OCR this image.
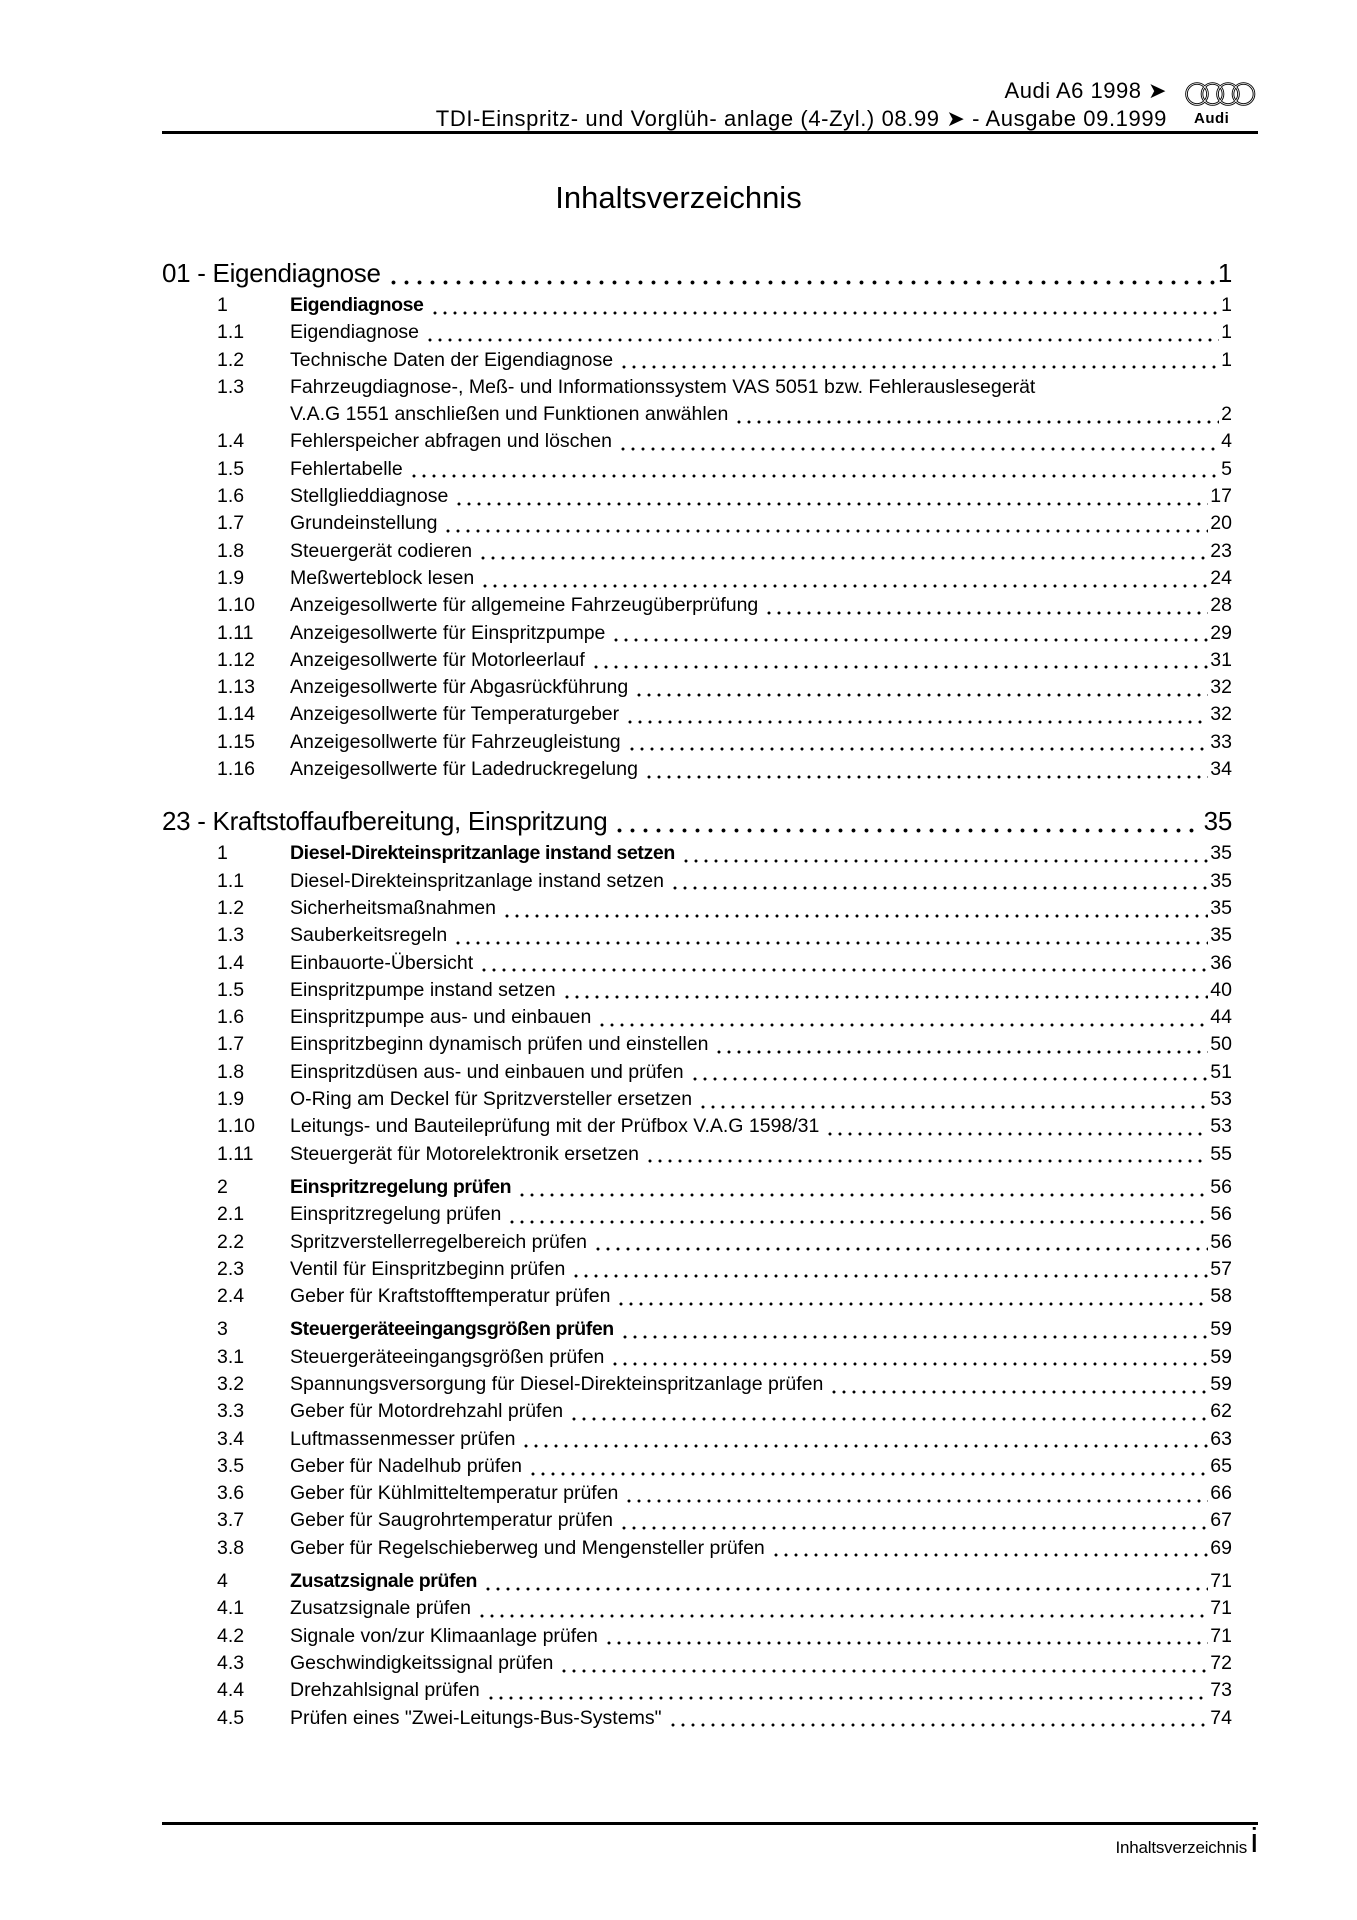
Audi A6 1998 ➤
TDI-Einspritz- und Vorglüh- anlage (4-Zyl.) 08.99 ➤ - Ausgabe 09.1999 Audi
Inhaltsverzeichnis
01 - Eigendiagnose	1
1	Eigendiagnose	1
1.1	Eigendiagnose	1
1.2	Technische Daten der Eigendiagnose	1
1.3	Fahrzeugdiagnose-, Meß- und Informationssystem VAS 5051 bzw. Fehlerauslesegerät
V.A.G 1551 anschließen und Funktionen anwählen	2
1.4	Fehlerspeicher abfragen und löschen	4
1.5	Fehlertabelle	5
1.6	Stellglieddiagnose	17
1.7	Grundeinstellung	20
1.8	Steuergerät codieren	23
1.9	Meßwerteblock lesen	24
1.10	Anzeigesollwerte für allgemeine Fahrzeugüberprüfung	28
1.11	Anzeigesollwerte für Einspritzpumpe	29
1.12	Anzeigesollwerte für Motorleerlauf	31
1.13	Anzeigesollwerte für Abgasrückführung	32
1.14	Anzeigesollwerte für Temperaturgeber	32
1.15	Anzeigesollwerte für Fahrzeugleistung	33
1.16	Anzeigesollwerte für Ladedruckregelung	34
23 - Kraftstoffaufbereitung, Einspritzung	35
1	Diesel-Direkteinspritzanlage instand setzen	35
1.1	Diesel-Direkteinspritzanlage instand setzen	35
1.2	Sicherheitsmaßnahmen	35
1.3	Sauberkeitsregeln	35
1.4	Einbauorte-Übersicht	36
1.5	Einspritzpumpe instand setzen	40
1.6	Einspritzpumpe aus- und einbauen	44
1.7	Einspritzbeginn dynamisch prüfen und einstellen	50
1.8	Einspritzdüsen aus- und einbauen und prüfen	51
1.9	O-Ring am Deckel für Spritzversteller ersetzen	53
1.10	Leitungs- und Bauteileprüfung mit der Prüfbox V.A.G 1598/31	53
1.11	Steuergerät für Motorelektronik ersetzen	55
2	Einspritzregelung prüfen	56
2.1	Einspritzregelung prüfen	56
2.2	Spritzverstellerregelbereich prüfen	56
2.3	Ventil für Einspritzbeginn prüfen	57
2.4	Geber für Kraftstofftemperatur prüfen	58
3	Steuergeräteeingangsgrößen prüfen	59
3.1	Steuergeräteeingangsgrößen prüfen	59
3.2	Spannungsversorgung für Diesel-Direkteinspritzanlage prüfen	59
3.3	Geber für Motordrehzahl prüfen	62
3.4	Luftmassenmesser prüfen	63
3.5	Geber für Nadelhub prüfen	65
3.6	Geber für Kühlmitteltemperatur prüfen	66
3.7	Geber für Saugrohrtemperatur prüfen	67
3.8	Geber für Regelschieberweg und Mengensteller prüfen	69
4	Zusatzsignale prüfen	71
4.1	Zusatzsignale prüfen	71
4.2	Signale von/zur Klimaanlage prüfen	71
4.3	Geschwindigkeitssignal prüfen	72
4.4	Drehzahlsignal prüfen	73
4.5	Prüfen eines "Zwei-Leitungs-Bus-Systems"	74
Inhaltsverzeichnis i
